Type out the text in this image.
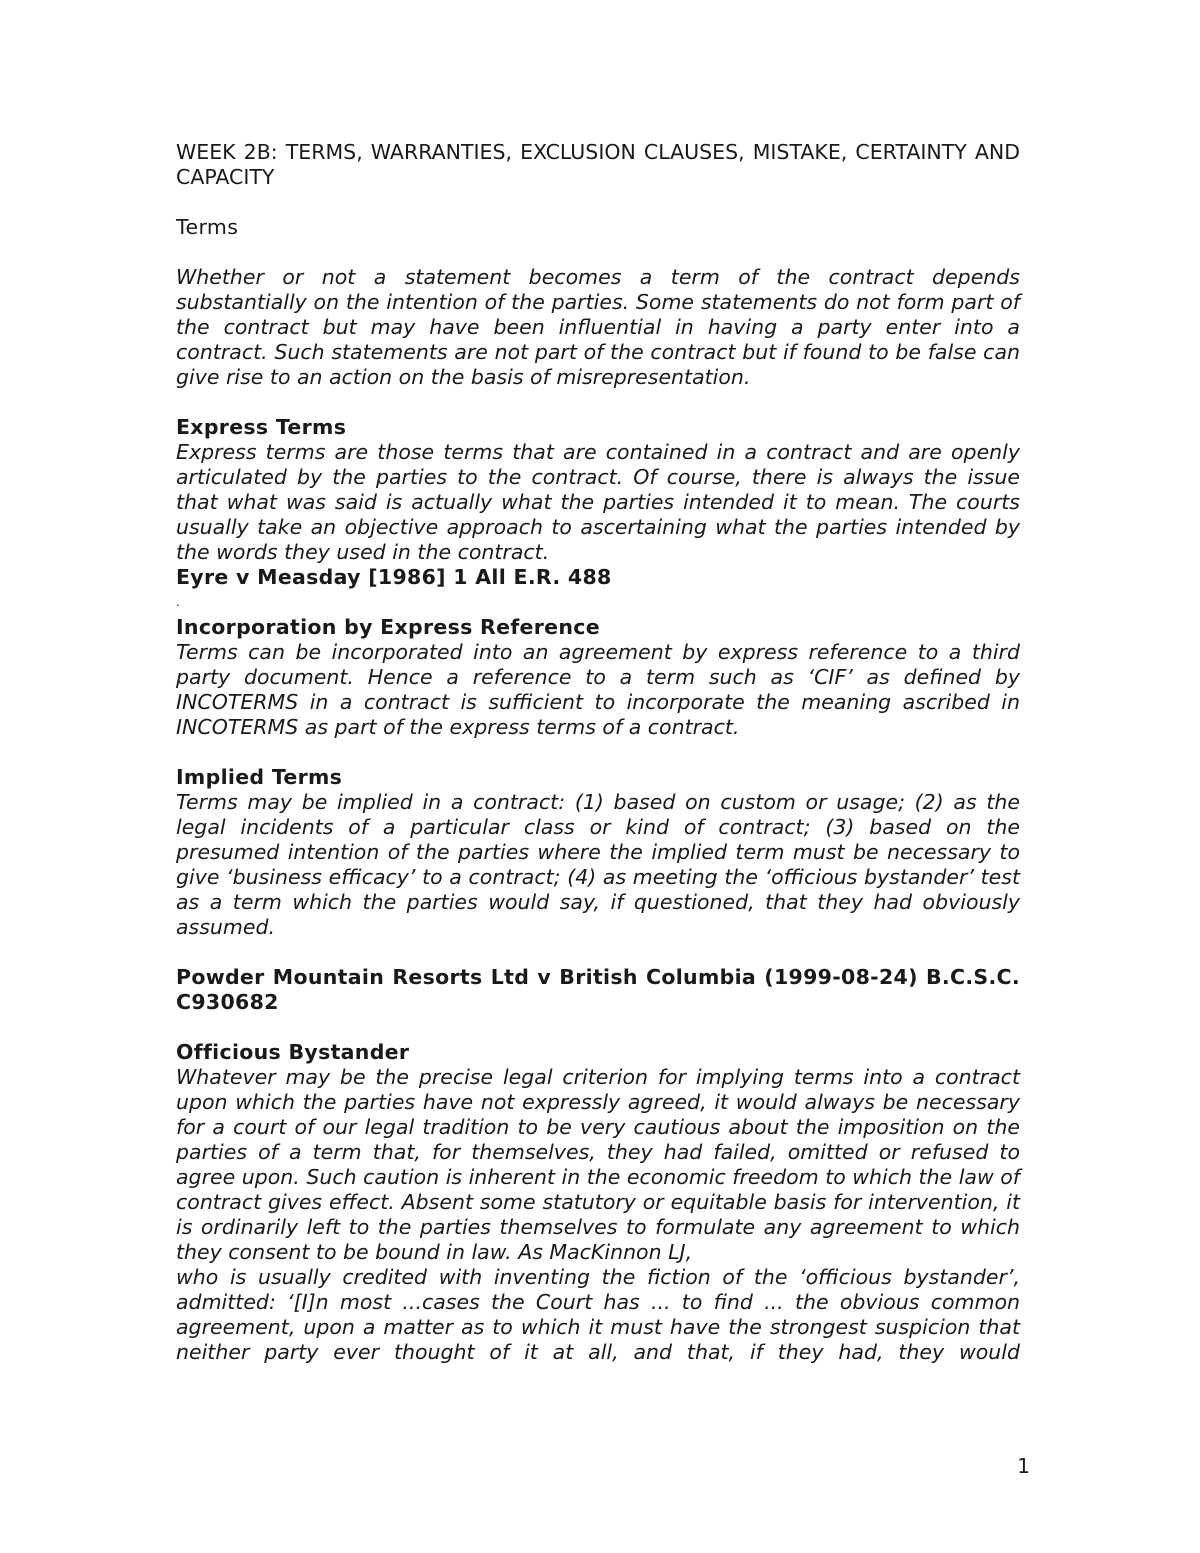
WEEK 2B: TERMS, WARRANTIES, EXCLUSION CLAUSES, MISTAKE, CERTAINTY AND CAPACITY
Terms

Whether or not a statement becomes a term of the contract depends substantially on the intention of the parties. Some statements do not form part of the contract but may have been influential in having a party enter into a contract. Such statements are not part of the contract but if found to be false can give rise to an action on the basis of misrepresentation.

Express Terms

Express terms are those terms that are contained in a contract and are openly articulated by the parties to the contract. Of course, there is always the issue that what was said is actually what the parties intended it to mean. The courts usually take an objective approach to ascertaining what the parties intended by the words they used in the contract.

Eyre v Measday [1986] 1 All E.R. 488

.

Incorporation by Express Reference

Terms can be incorporated into an agreement by express reference to a third party document. Hence a reference to a term such as ‘CIF’ as defined by INCOTERMS in a contract is sufficient to incorporate the meaning ascribed in INCOTERMS as part of the express terms of a contract.

Implied Terms

Terms may be implied in a contract: (1) based on custom or usage; (2) as the legal incidents of a particular class or kind of contract; (3) based on the presumed intention of the parties where the implied term must be necessary to give ‘business efficacy’ to a contract; (4) as meeting the ‘officious bystander’ test as a term which the parties would say, if questioned, that they had obviously assumed.

Powder Mountain Resorts Ltd v British Columbia (1999-08-24) B.C.S.C. C930682

Officious Bystander

Whatever may be the precise legal criterion for implying terms into a contract upon which the parties have not expressly agreed, it would always be necessary for a court of our legal tradition to be very cautious about the imposition on the parties of a term that, for themselves, they had failed, omitted or refused to agree upon. Such caution is inherent in the economic freedom to which the law of contract gives effect. Absent some statutory or equitable basis for intervention, it is ordinarily left to the parties themselves to formulate any agreement to which they consent to be bound in law. As MacKinnon LJ,

who is usually credited with inventing the fiction of the ‘officious bystander’, admitted: ‘[I]n most ...cases the Court has ... to find ... the obvious common agreement, upon a matter as to which it must have the strongest suspicion that neither party ever thought of it at all, and that, if they had, they would

1
